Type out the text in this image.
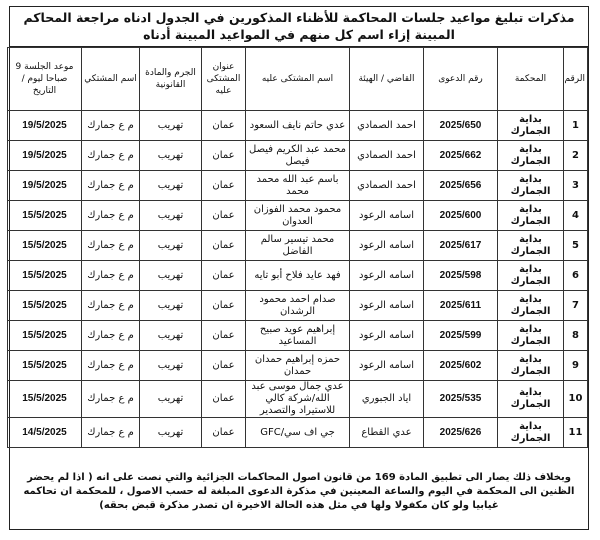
مذكرات تبليغ مواعيد جلسات المحاكمة للأظناء المذكورين في الجدول ادناه مراجعة المحاكم المبينة إزاء اسم كل منهم في المواعيد المبينة أدناه
الرقم	المحكمة	رقم الدعوى	القاضي / الهيئة	اسم المشتكى عليه	عنوان المشتكى عليه	الجرم والمادة القانونية	اسم المشتكي	موعد الجلسة 9 صباحا ليوم / التاريخ
1	بداية الجمارك	2025/650	احمد الصمادي	عدي حاتم نايف السعود	عمان	تهريب	م ع جمارك	19/5/2025
2	بداية الجمارك	2025/662	احمد الصمادي	محمد عبد الكريم فيصل فيصل	عمان	تهريب	م ع جمارك	19/5/2025
3	بداية الجمارك	2025/656	احمد الصمادي	باسم عبد الله محمد محمد	عمان	تهريب	م ع جمارك	19/5/2025
4	بداية الجمارك	2025/600	اسامه الرعود	محمود محمد الفوزان العدوان	عمان	تهريب	م ع جمارك	15/5/2025
5	بداية الجمارك	2025/617	اسامه الرعود	محمد تيسير سالم الفاضل	عمان	تهريب	م ع جمارك	15/5/2025
6	بداية الجمارك	2025/598	اسامه الرعود	فهد عايد فلاح أبو تايه	عمان	تهريب	م ع جمارك	15/5/2025
7	بداية الجمارك	2025/611	اسامه الرعود	صدام احمد محمود الرشدان	عمان	تهريب	م ع جمارك	15/5/2025
8	بداية الجمارك	2025/599	اسامه الرعود	إبراهيم عويد صبيح المساعيد	عمان	تهريب	م ع جمارك	15/5/2025
9	بداية الجمارك	2025/602	اسامه الرعود	حمزه إبراهيم حمدان حمدان	عمان	تهريب	م ع جمارك	15/5/2025
10	بداية الجمارك	2025/535	اياد الجبوري	عدي جمال موسى عبد الله/شركة كالي للاستيراد والتصدير	عمان	تهريب	م ع جمارك	15/5/2025
11	بداية الجمارك	2025/626	عدي القطاع	جي اف سي/GFC	عمان	تهريب	م ع جمارك	14/5/2025
وبخلاف ذلك يصار الى تطبيق المادة 169 من قانون اصول المحاكمات الجزائية والتي نصت على انه ( اذا لم يحضر الظنين الى المحكمة في اليوم والساعة المعينين في مذكرة الدعوى المبلغة له حسب الاصول ، للمحكمة ان تحاكمه غيابيا ولو كان مكفولا ولها في مثل هذه الحالة الاخيرة ان تصدر مذكرة قبض بحقه)
